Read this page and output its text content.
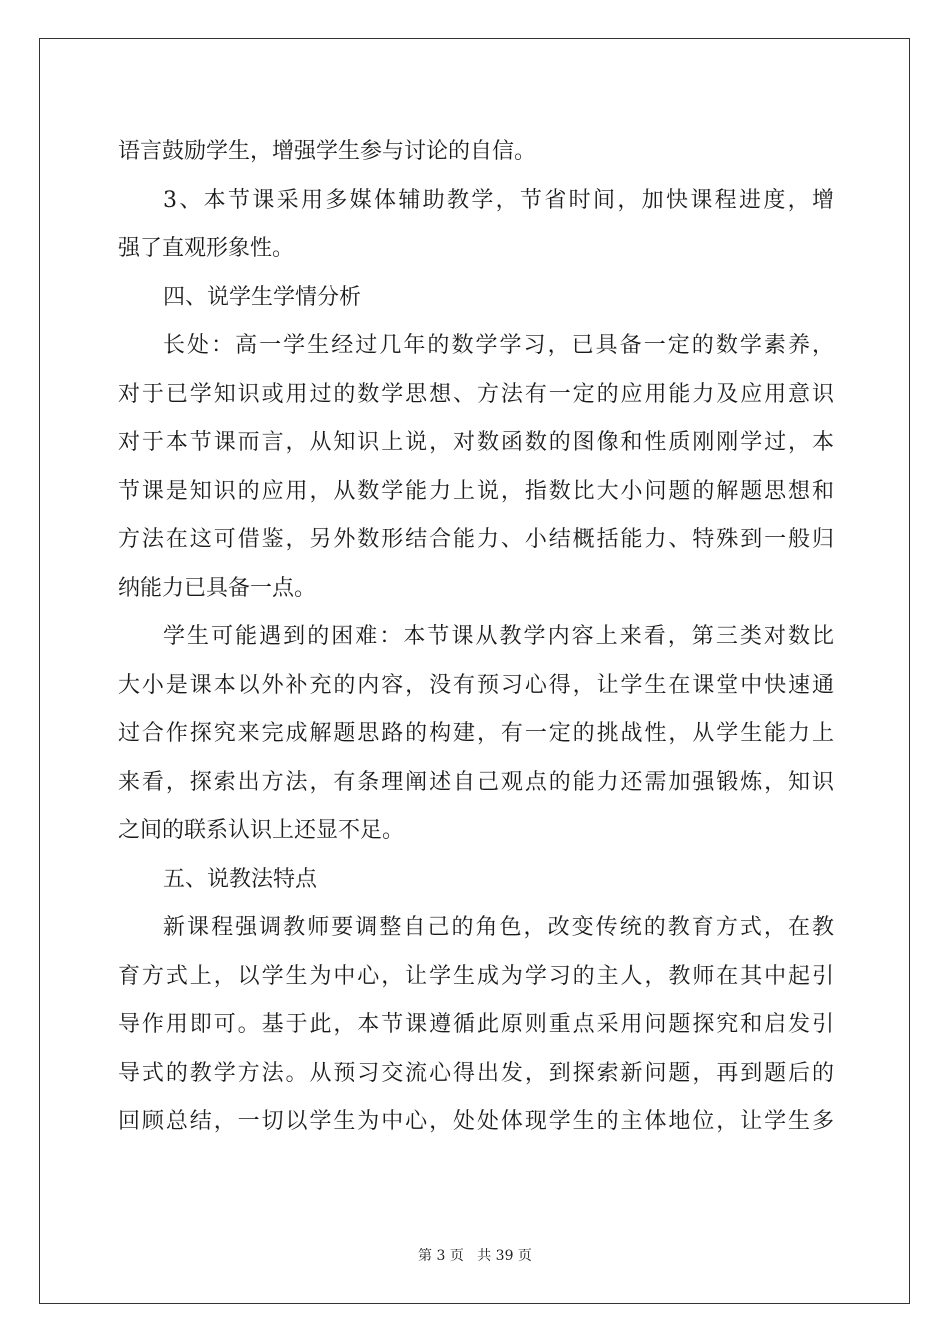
语言鼓励学生，增强学生参与讨论的自信。
3、本节课采用多媒体辅助教学，节省时间，加快课程进度，增
强了直观形象性。
四、说学生学情分析
长处：高一学生经过几年的数学学习，已具备一定的数学素养，
对于已学知识或用过的数学思想、方法有一定的应用能力及应用意识
对于本节课而言，从知识上说，对数函数的图像和性质刚刚学过，本
节课是知识的应用，从数学能力上说，指数比大小问题的解题思想和
方法在这可借鉴，另外数形结合能力、小结概括能力、特殊到一般归
纳能力已具备一点。
学生可能遇到的困难：本节课从教学内容上来看，第三类对数比
大小是课本以外补充的内容，没有预习心得，让学生在课堂中快速通
过合作探究来完成解题思路的构建，有一定的挑战性，从学生能力上
来看，探索出方法，有条理阐述自己观点的能力还需加强锻炼，知识
之间的联系认识上还显不足。
五、说教法特点
新课程强调教师要调整自己的角色，改变传统的教育方式，在教
育方式上，以学生为中心，让学生成为学习的主人，教师在其中起引
导作用即可。基于此，本节课遵循此原则重点采用问题探究和启发引
导式的教学方法。从预习交流心得出发，到探索新问题，再到题后的
回顾总结，一切以学生为中心，处处体现学生的主体地位，让学生多
第 3 页 共 39 页
